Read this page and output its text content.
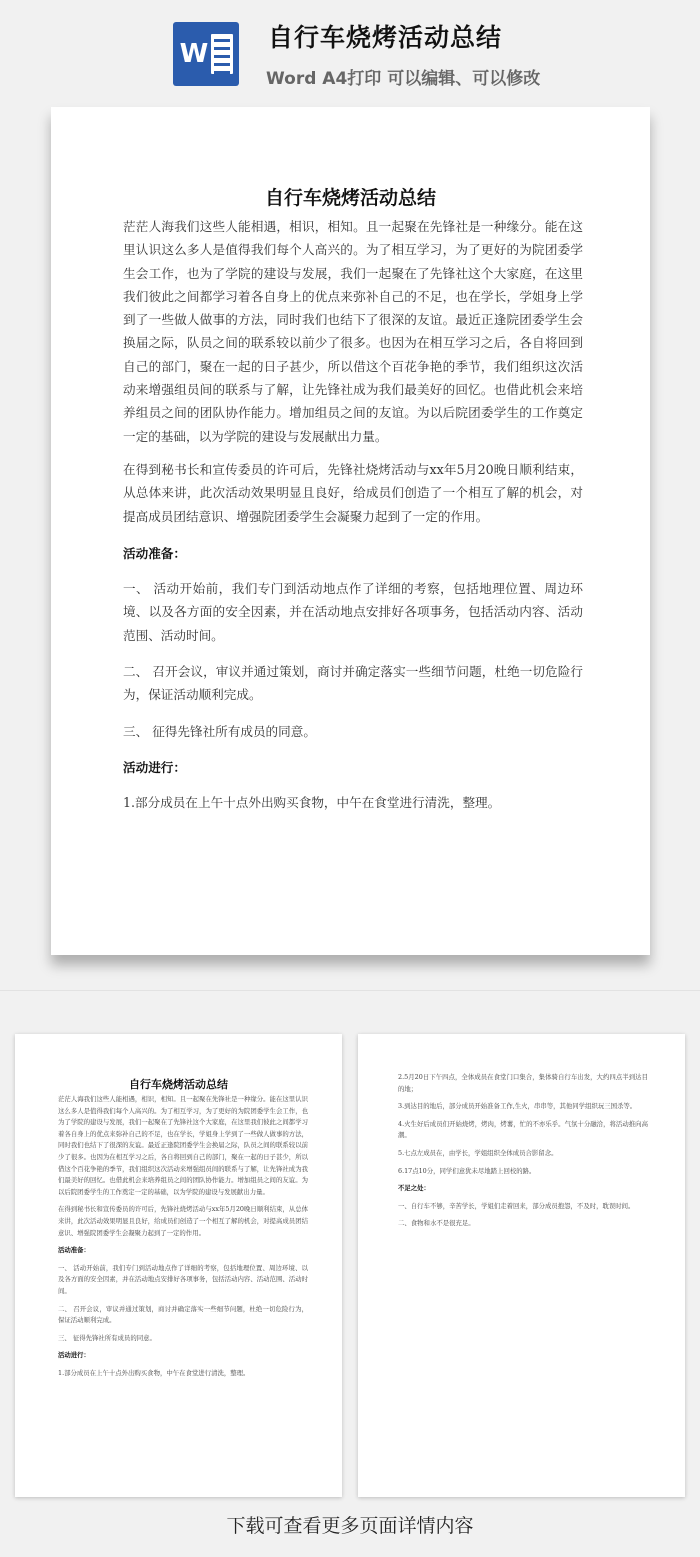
W
自行车烧烤活动总结
Word A4打印 可以编辑、可以修改
自行车烧烤活动总结

茫茫人海我们这些人能相遇，相识，相知。且一起聚在先锋社是一种缘分。能在这里认识这么多人是值得我们每个人高兴的。为了相互学习，为了更好的为院团委学生会工作，也为了学院的建设与发展，我们一起聚在了先锋社这个大家庭，在这里我们彼此之间都学习着各自身上的优点来弥补自己的不足，也在学长，学姐身上学到了一些做人做事的方法，同时我们也结下了很深的友谊。最近正逢院团委学生会换届之际，队员之间的联系较以前少了很多。也因为在相互学习之后，各自将回到自己的部门，聚在一起的日子甚少，所以借这个百花争艳的季节，我们组织这次活动来增强组员间的联系与了解，让先锋社成为我们最美好的回忆。也借此机会来培养组员之间的团队协作能力。增加组员之间的友谊。为以后院团委学生的工作奠定一定的基础，以为学院的建设与发展献出力量。

在得到秘书长和宣传委员的许可后，先锋社烧烤活动与xx年5月20晚日顺利结束，从总体来讲，此次活动效果明显且良好，给成员们创造了一个相互了解的机会，对提高成员团结意识、增强院团委学生会凝聚力起到了一定的作用。

活动准备：

一、 活动开始前，我们专门到活动地点作了详细的考察，包括地理位置、周边环境、以及各方面的安全因素，并在活动地点安排好各项事务，包括活动内容、活动范围、活动时间。

二、 召开会议，审议并通过策划，商讨并确定落实一些细节问题，杜绝一切危险行为，保证活动顺利完成。

三、 征得先锋社所有成员的同意。

活动进行：

1.部分成员在上午十点外出购买食物，中午在食堂进行清洗，整理。

自行车烧烤活动总结

茫茫人海我们这些人能相遇，相识，相知。且一起聚在先锋社是一种缘分。能在这里认识这么多人是值得我们每个人高兴的。为了相互学习，为了更好的为院团委学生会工作，也为了学院的建设与发展，我们一起聚在了先锋社这个大家庭，在这里我们彼此之间都学习着各自身上的优点来弥补自己的不足，也在学长，学姐身上学到了一些做人做事的方法，同时我们也结下了很深的友谊。最近正逢院团委学生会换届之际，队员之间的联系较以前少了很多。也因为在相互学习之后，各自将回到自己的部门，聚在一起的日子甚少，所以借这个百花争艳的季节，我们组织这次活动来增强组员间的联系与了解，让先锋社成为我们最美好的回忆。也借此机会来培养组员之间的团队协作能力。增加组员之间的友谊。为以后院团委学生的工作奠定一定的基础，以为学院的建设与发展献出力量。

在得到秘书长和宣传委员的许可后，先锋社烧烤活动与xx年5月20晚日顺利结束，从总体来讲，此次活动效果明显且良好，给成员们创造了一个相互了解的机会，对提高成员团结意识、增强院团委学生会凝聚力起到了一定的作用。

活动准备：

一、 活动开始前，我们专门到活动地点作了详细的考察，包括地理位置、周边环境、以及各方面的安全因素，并在活动地点安排好各项事务，包括活动内容、活动范围、活动时间。

二、 召开会议，审议并通过策划，商讨并确定落实一些细节问题，杜绝一切危险行为，保证活动顺利完成。

三、 征得先锋社所有成员的同意。

活动进行：

1.部分成员在上午十点外出购买食物，中午在食堂进行清洗，整理。

2.5月20日下午四点，全体成员在食堂门口集合，集体骑自行车出发，大约四点半到达目的地；

3.到达目的地后，部分成员开始准备工作,生火，串串等，其他同学组织玩三国杀等。

4.火生好后成员们开始烧烤，烤肉，烤薯，忙的不亦乐乎。气氛十分融洽，将活动推向高潮。

5.七点左成员在，由学长，学姐组织全体成员合影留念。

6.17点10分，同学们意犹未尽地踏上回校的路。

不足之处：

一、自行车不够，辛苦学长，学姐们走着回来，部分成员抱怨，不及时，耽误时间。

二、食物和水不是很充足。

下载可查看更多页面详情内容
